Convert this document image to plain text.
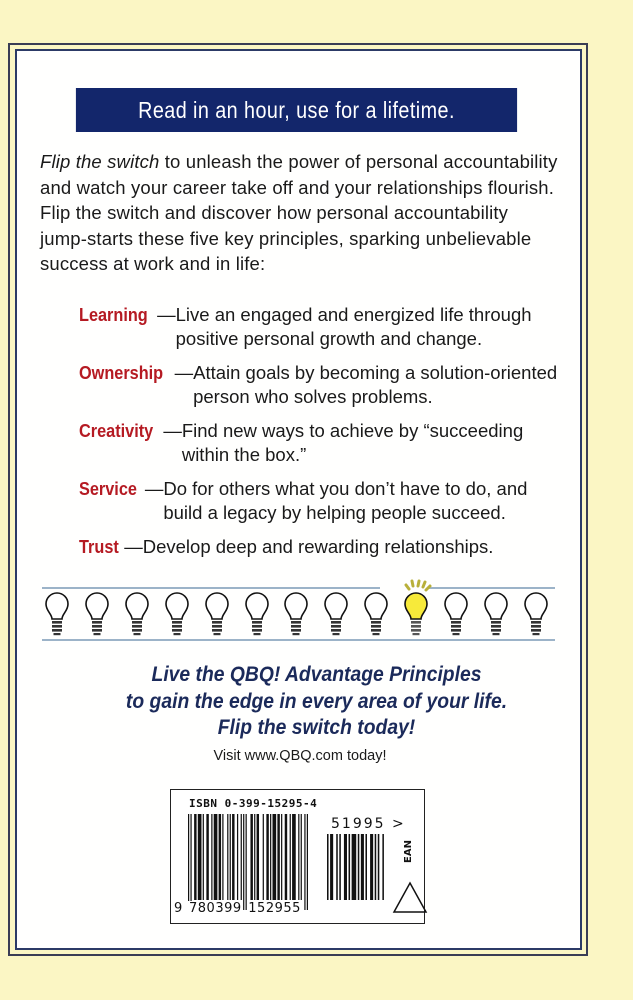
Read in an hour, use for a lifetime.
Flip the switch to unleash the power of personal accountability and watch your career take off and your relationships flourish. Flip the switch and discover how personal accountability jump-starts these five key principles, sparking unbelievable success at work and in life:
Learning — Live an engaged and energized life through positive personal growth and change.
Ownership — Attain goals by becoming a solution-oriented person who solves problems.
Creativity — Find new ways to achieve by “succeeding within the box.”
Service — Do for others what you don’t have to do, and build a legacy by helping people succeed.
Trust — Develop deep and rewarding relationships.
Live the QBQ! Advantage Principles
to gain the edge in every area of your life.
Flip the switch today!
Visit www.QBQ.com today!
ISBN 0-399-15295-4
51995 >
9 780399 152955
EAN
